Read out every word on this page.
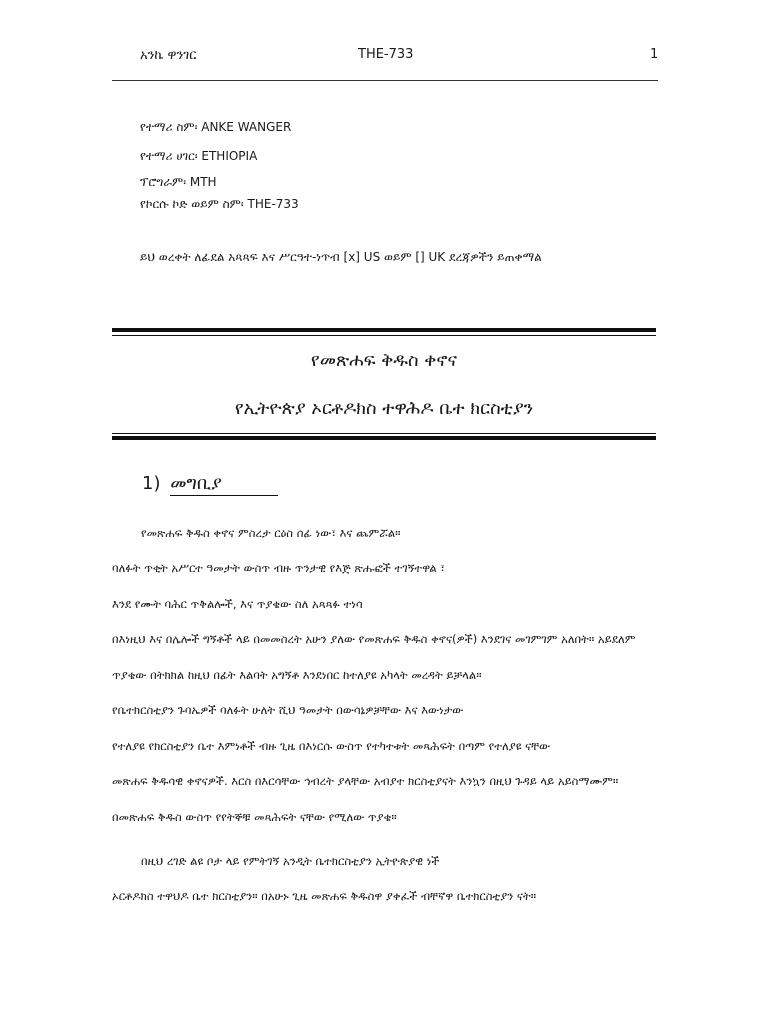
አንኬ ዋንገር	THE-733	1
የተማሪ ስም፡ ANKE WANGER
የተማሪ ሀገር፡ ETHIOPIA
ፕሮግራም፡ MTH
የኮርሱ ኮድ ወይም ስም፡ THE-733
ይህ ወረቀት ለፊደል አጻጻፍ እና ሥርዓተ-ነጥብ [x] US ወይም [] UK ደረጃዎችን ይጠቀማል
የመጽሐፍ ቅዱስ ቀኖና
የኢትዮጵያ ኦርቶዶክስ ተዋሕዶ ቤተ ክርስቲያን
1) መግቢያ
የመጽሐፍ ቅዱስ ቀኖና ምስረታ ርዕስ ሰፊ ነው፣ እና ጨምሯል።
ባለፉት ጥቂት አሥርተ ዓመታት ውስጥ ብዙ ጥንታዊ የእጅ ጽሑፎች ተገኝተዋል ፣
እንደ የሙት ባሕር ጥቅልሎች, እና ጥያቄው ስለ አጻጻፉ ተነሳ
በእነዚህ እና በሌሎች ግኝቶች ላይ በመመስረት አሁን ያለው የመጽሐፍ ቅዱስ ቀኖና(ዎች) እንደገና መገምገም አለበት። አይደለም
ጥያቄው በትክክል ከዚህ በፊት እልባት አግኝቶ እንደነበር ከተለያዩ አካላት መረዳት ይቻላል።
የቤተክርስቲያን ጉባኤዎች ባለፉት ሁለት ሺህ ዓመታት በውሳኔዎቻቸው እና እውነታው
የተለያዩ የክርስቲያን ቤተ እምነቶች ብዙ ጊዜ በእነርሱ ውስጥ የተካተቱት መጻሕፍት በጣም የተለያዩ ናቸው
መጽሐፍ ቅዱሳዊ ቀኖናዎች. እርስ በእርሳቸው ኅብረት ያላቸው አብያተ ክርስቲያናት እንኳን በዚህ ጉዳይ ላይ አይስማሙም።
በመጽሐፍ ቅዱስ ውስጥ የየትኞቹ መጻሕፍት ናቸው የሚለው ጥያቄ።
በዚህ ረገድ ልዩ ቦታ ላይ የምትገኝ አንዲት ቤተክርስቲያን ኢትዮጵያዊ ነች
ኦርቶዶክስ ተዋህዶ ቤተ ክርስቲያን። በአሁኑ ጊዜ መጽሐፍ ቅዱስዋ ያቀፈች ብቸኛዋ ቤተክርስቲያን ናት።
